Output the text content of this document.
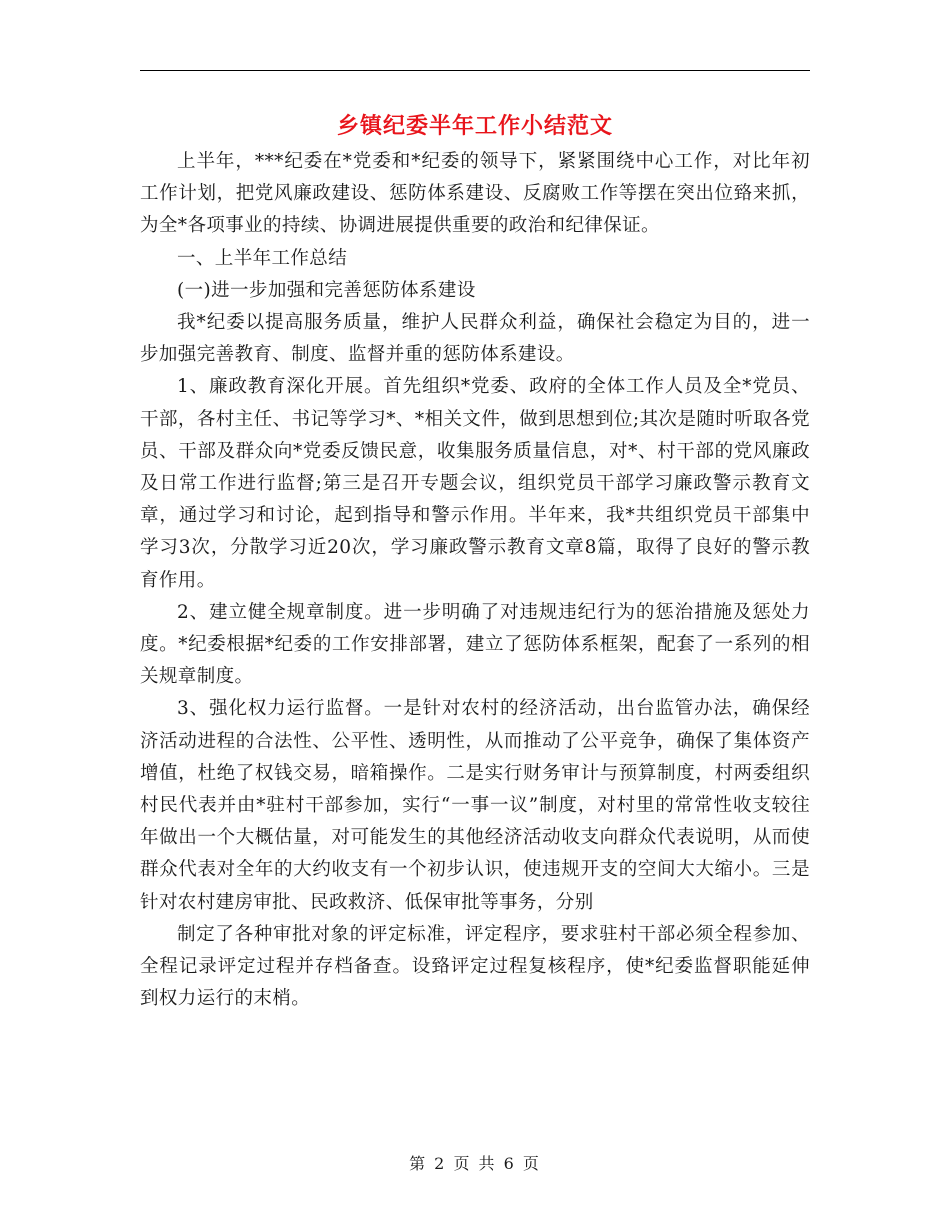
乡镇纪委半年工作小结范文

上半年，***纪委在*党委和*纪委的领导下，紧紧围绕中心工作，对比年初工作计划，把党风廉政建设、惩防体系建设、反腐败工作等摆在突出位臵来抓，为全*各项事业的持续、协调进展提供重要的政治和纪律保证。

一、上半年工作总结

(一)进一步加强和完善惩防体系建设

我*纪委以提高服务质量，维护人民群众利益，确保社会稳定为目的，进一步加强完善教育、制度、监督并重的惩防体系建设。

1、廉政教育深化开展。首先组织*党委、政府的全体工作人员及全*党员、干部，各村主任、书记等学习*、*相关文件，做到思想到位;其次是随时听取各党员、干部及群众向*党委反馈民意，收集服务质量信息，对*、村干部的党风廉政及日常工作进行监督;第三是召开专题会议，组织党员干部学习廉政警示教育文章，通过学习和讨论，起到指导和警示作用。半年来，我*共组织党员干部集中学习3次，分散学习近20次，学习廉政警示教育文章8篇，取得了良好的警示教育作用。

2、建立健全规章制度。进一步明确了对违规违纪行为的惩治措施及惩处力度。*纪委根据*纪委的工作安排部署，建立了惩防体系框架，配套了一系列的相关规章制度。

3、强化权力运行监督。一是针对农村的经济活动，出台监管办法，确保经济活动进程的合法性、公平性、透明性，从而推动了公平竞争，确保了集体资产增值，杜绝了权钱交易，暗箱操作。二是实行财务审计与预算制度，村两委组织村民代表并由*驻村干部参加，实行“一事一议”制度，对村里的常常性收支较往年做出一个大概估量，对可能发生的其他经济活动收支向群众代表说明，从而使群众代表对全年的大约收支有一个初步认识，使违规开支的空间大大缩小。三是针对农村建房审批、民政救济、低保审批等事务，分别

制定了各种审批对象的评定标准，评定程序，要求驻村干部必须全程参加、全程记录评定过程并存档备查。设臵评定过程复核程序，使*纪委监督职能延伸到权力运行的末梢。

第 2 页 共 6 页
